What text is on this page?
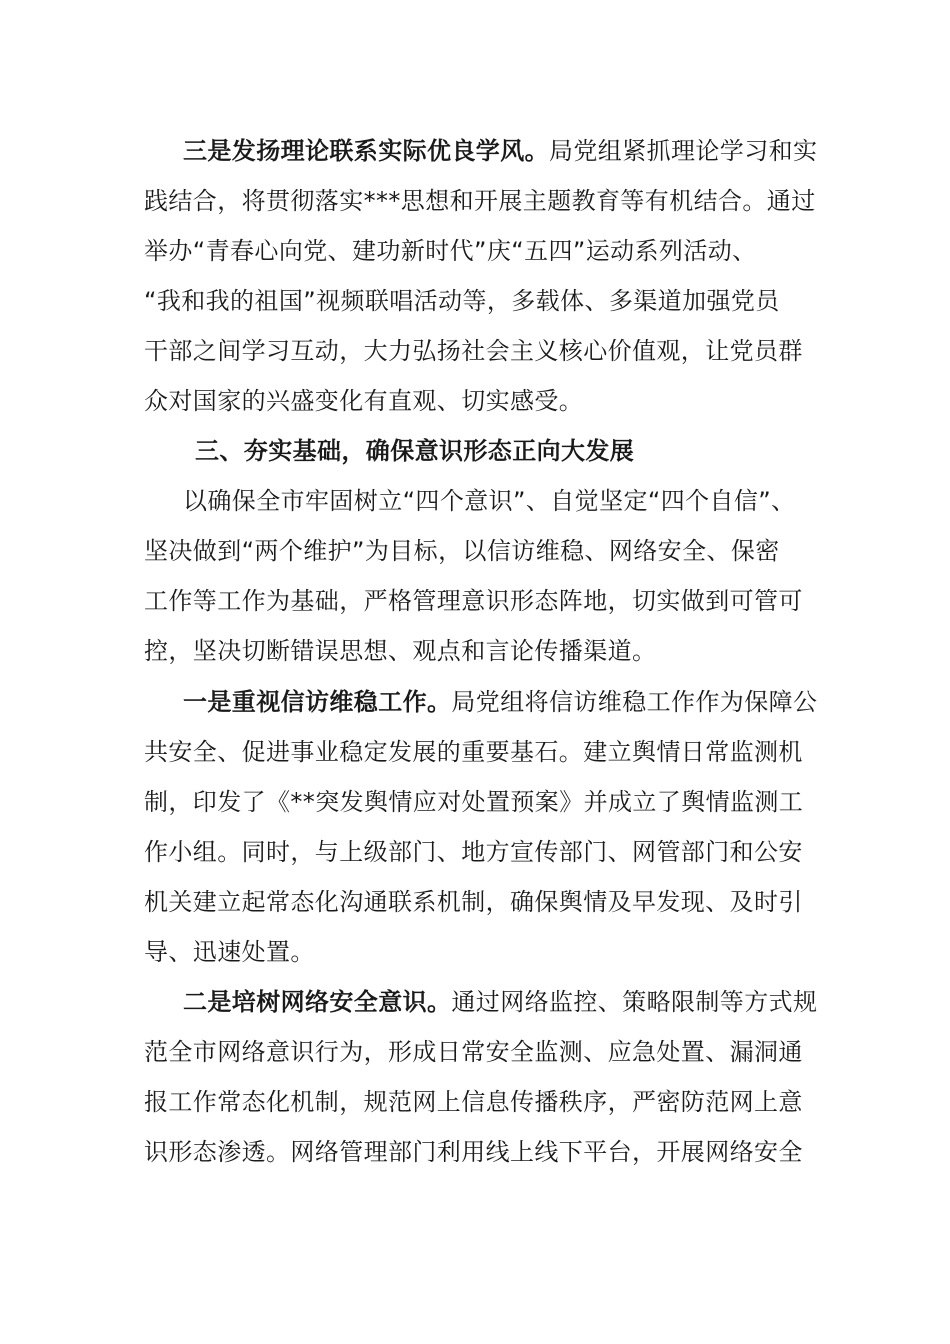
三是发扬理论联系实际优良学风。局党组紧抓理论学习和实
践结合，将贯彻落实***思想和开展主题教育等有机结合。通过
举办“青春心向党、建功新时代”庆“五四”运动系列活动、
“我和我的祖国”视频联唱活动等，多载体、多渠道加强党员
干部之间学习互动，大力弘扬社会主义核心价值观，让党员群
众对国家的兴盛变化有直观、切实感受。
三、夯实基础，确保意识形态正向大发展
以确保全市牢固树立“四个意识”、自觉坚定“四个自信”、
坚决做到“两个维护”为目标，以信访维稳、网络安全、保密
工作等工作为基础，严格管理意识形态阵地，切实做到可管可
控，坚决切断错误思想、观点和言论传播渠道。
一是重视信访维稳工作。局党组将信访维稳工作作为保障公
共安全、促进事业稳定发展的重要基石。建立舆情日常监测机
制，印发了《**突发舆情应对处置预案》并成立了舆情监测工
作小组。同时，与上级部门、地方宣传部门、网管部门和公安
机关建立起常态化沟通联系机制，确保舆情及早发现、及时引
导、迅速处置。
二是培树网络安全意识。通过网络监控、策略限制等方式规
范全市网络意识行为，形成日常安全监测、应急处置、漏洞通
报工作常态化机制，规范网上信息传播秩序，严密防范网上意
识形态渗透。网络管理部门利用线上线下平台，开展网络安全
